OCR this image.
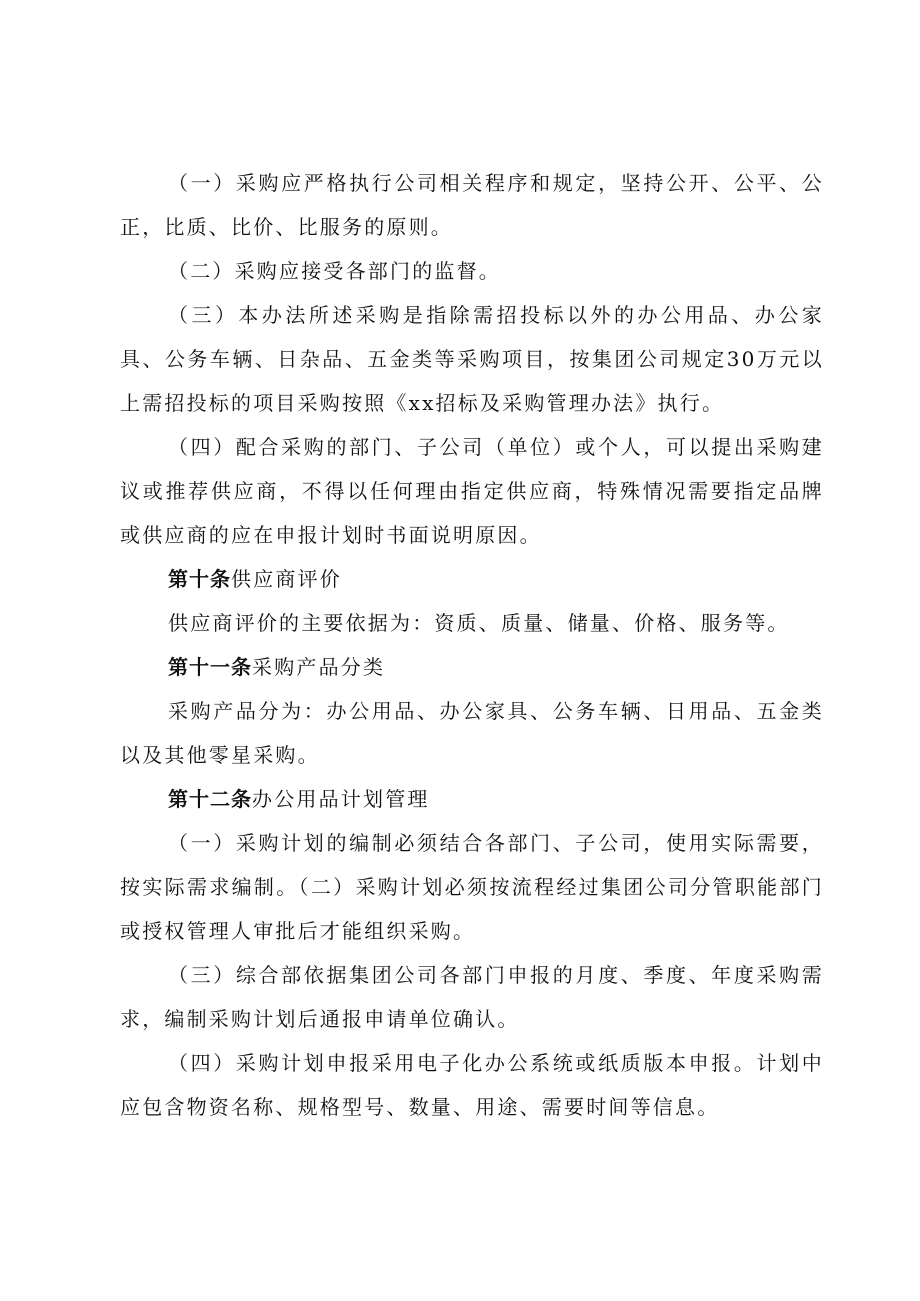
（一）采购应严格执行公司相关程序和规定，坚持公开、公平、公正，比质、比价、比服务的原则。

（二）采购应接受各部门的监督。

（三）本办法所述采购是指除需招投标以外的办公用品、办公家具、公务车辆、日杂品、五金类等采购项目，按集团公司规定30万元以上需招投标的项目采购按照《xx招标及采购管理办法》执行。

（四）配合采购的部门、子公司（单位）或个人，可以提出采购建议或推荐供应商，不得以任何理由指定供应商，特殊情况需要指定品牌或供应商的应在申报计划时书面说明原因。

第十条供应商评价

供应商评价的主要依据为：资质、质量、储量、价格、服务等。

第十一条采购产品分类

采购产品分为：办公用品、办公家具、公务车辆、日用品、五金类以及其他零星采购。

第十二条办公用品计划管理

（一）采购计划的编制必须结合各部门、子公司，使用实际需要，按实际需求编制。（二）采购计划必须按流程经过集团公司分管职能部门或授权管理人审批后才能组织采购。

（三）综合部依据集团公司各部门申报的月度、季度、年度采购需求，编制采购计划后通报申请单位确认。

（四）采购计划申报采用电子化办公系统或纸质版本申报。计划中应包含物资名称、规格型号、数量、用途、需要时间等信息。
